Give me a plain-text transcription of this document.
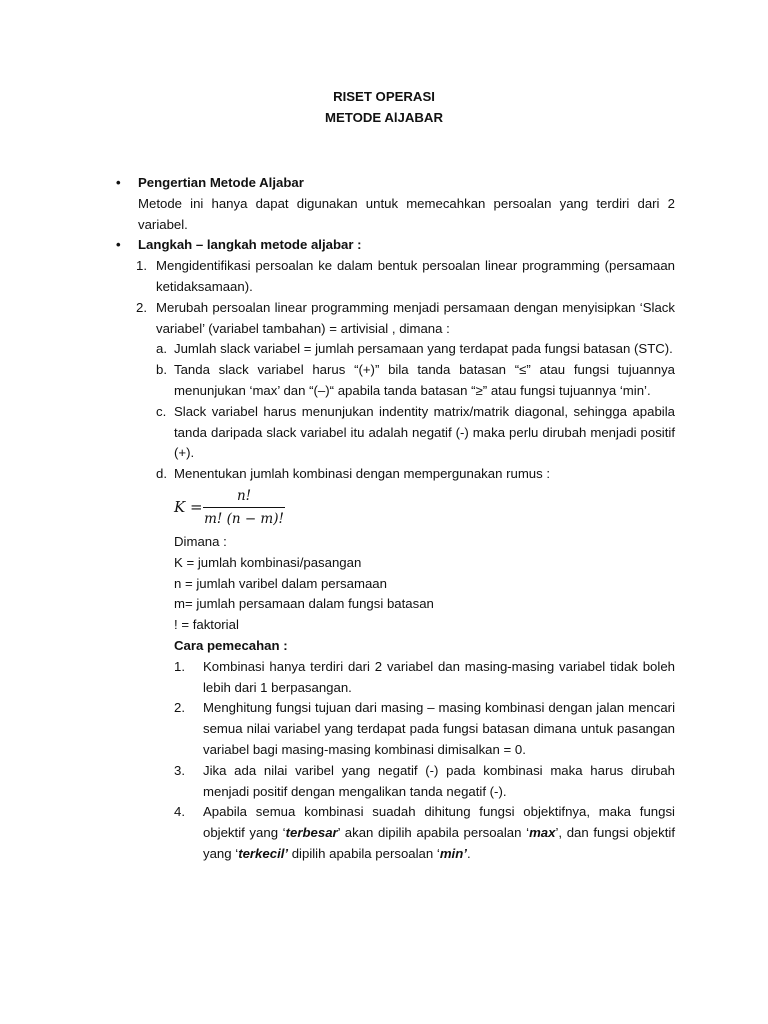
RISET OPERASI
METODE AlJABAR
• Pengertian Metode Aljabar
Metode ini hanya dapat digunakan untuk memecahkan persoalan yang terdiri dari 2 variabel.
• Langkah – langkah metode aljabar :
1. Mengidentifikasi persoalan ke dalam bentuk persoalan linear programming (persamaan ketidaksamaan).
2. Merubah persoalan linear programming menjadi persamaan dengan menyisipkan ‘Slack variabel’ (variabel tambahan) = artivisial , dimana :
a. Jumlah slack variabel = jumlah persamaan yang terdapat pada fungsi batasan (STC).
b. Tanda slack variabel harus “(+)” bila tanda batasan “≤” atau fungsi tujuannya menunjukan ‘max’ dan “(–)“ apabila tanda batasan “≥” atau fungsi tujuannya ‘min’.
c. Slack variabel harus menunjukan indentity matrix/matrik diagonal, sehingga apabila tanda daripada slack variabel itu adalah negatif (-) maka perlu dirubah menjadi positif (+).
d. Menentukan jumlah kombinasi dengan mempergunakan rumus :
K =
n!
m! (n − m)!
Dimana :
K = jumlah kombinasi/pasangan
n = jumlah varibel dalam persamaan
m= jumlah persamaan dalam fungsi batasan
! = faktorial
Cara pemecahan :
1. Kombinasi hanya terdiri dari 2 variabel dan masing-masing variabel tidak boleh lebih dari 1 berpasangan.
2. Menghitung fungsi tujuan dari masing – masing kombinasi dengan jalan mencari semua nilai variabel yang terdapat pada fungsi batasan dimana untuk pasangan variabel bagi masing-masing kombinasi dimisalkan = 0.
3. Jika ada nilai varibel yang negatif (-) pada kombinasi maka harus dirubah menjadi positif dengan mengalikan tanda negatif (-).
4. Apabila semua kombinasi suadah dihitung fungsi objektifnya, maka fungsi objektif yang ‘terbesar’ akan dipilih apabila persoalan ‘max’, dan fungsi objektif yang ‘terkecil’ dipilih apabila persoalan ‘min’.
